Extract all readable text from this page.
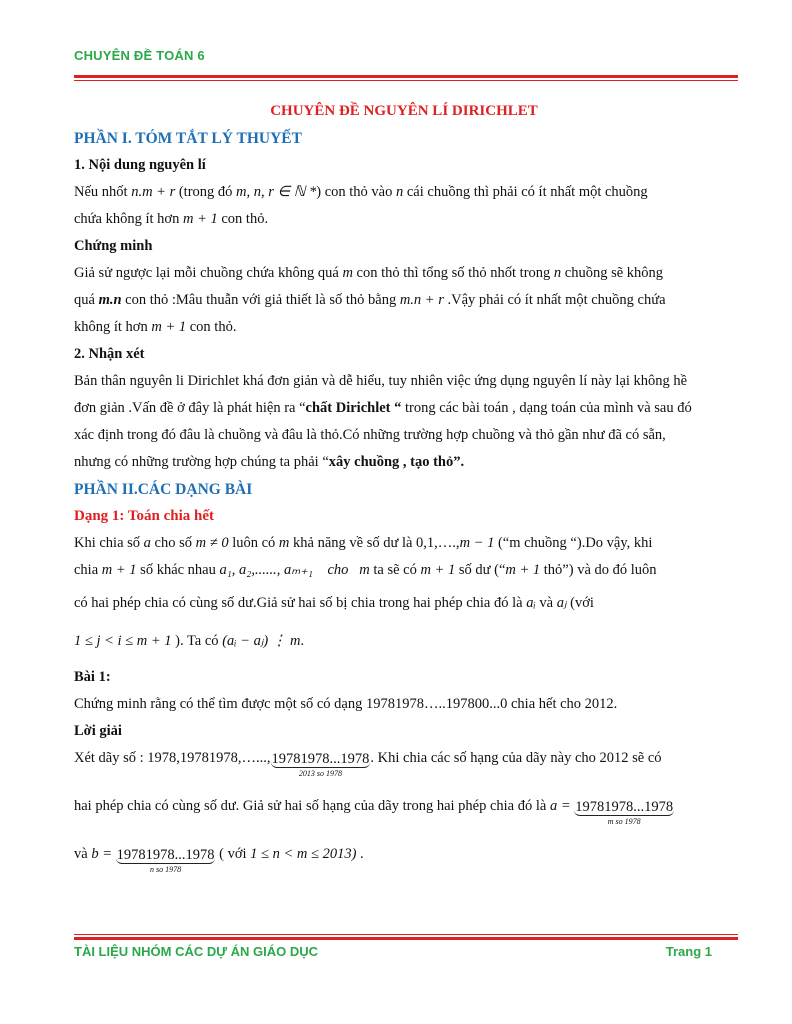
CHUYÊN ĐỀ TOÁN 6

CHUYÊN ĐỀ NGUYÊN LÍ DIRICHLET

PHẦN I. TÓM TẮT LÝ THUYẾT

1. Nội dung nguyên lí

Nếu nhốt n.m + r (trong đó m, n, r ∈ ℕ *) con thỏ vào n cái chuồng thì phải có ít nhất một chuồng
chứa không ít hơn m + 1 con thỏ.

Chứng minh

Giả sử ngược lại mỗi chuồng chứa không quá m con thỏ thì tổng số thỏ nhốt trong n chuồng sẽ không
quá m.n con thỏ :Mâu thuẫn với giả thiết là số thỏ bằng m.n + r .Vậy phải có ít nhất một chuồng chứa
không ít hơn m + 1 con thỏ.

2. Nhận xét

Bản thân nguyên li Dirichlet khá đơn giản và dễ hiểu, tuy nhiên việc ứng dụng nguyên lí này lại không hề
đơn giản .Vấn đề ở đây là phát hiện ra “chất Dirichlet “ trong các bài toán , dạng toán của mình và sau đó
xác định trong đó đâu là chuồng và đâu là thỏ.Có những trường hợp chuồng và thỏ gần như đã có sẵn,
nhưng có những trường hợp chúng ta phải “xây chuồng , tạo thỏ”.

PHẦN II.CÁC DẠNG BÀI

Dạng 1: Toán chia hết

Khi chia số a cho số m ≠ 0 luôn có m khả năng về số dư là 0,1,….,m − 1 (“m chuồng “).Do vậy, khi
chia m + 1 số khác nhau a₁, a₂,......, aₘ₊₁ cho m ta sẽ có m + 1 số dư (“m + 1 thỏ”) và do đó luôn

có hai phép chia có cùng số dư.Giả sử hai số bị chia trong hai phép chia đó là aᵢ và aⱼ (với
1 ≤ j < i ≤ m + 1 ). Ta có (aᵢ − aⱼ) ⋮ m.

Bài 1:

Chứng minh rằng có thể tìm được một số có dạng 19781978…..197800...0 chia hết cho 2012.

Lời giải

Xét dãy số : 1978,19781978,…..., 19781978...1978
2013 so 1978
. Khi chia các số hạng của dãy này cho 2012 sẽ có

hai phép chia có cùng số dư. Giả sử hai số hạng của dãy trong hai phép chia đó là a = 19781978...1978
m so 1978

và b = 19781978...1978
n so 1978
( với 1 ≤ n < m ≤ 2013) .

TÀI LIỆU NHÓM CÁC DỰ ÁN GIÁO DỤC	Trang 1
